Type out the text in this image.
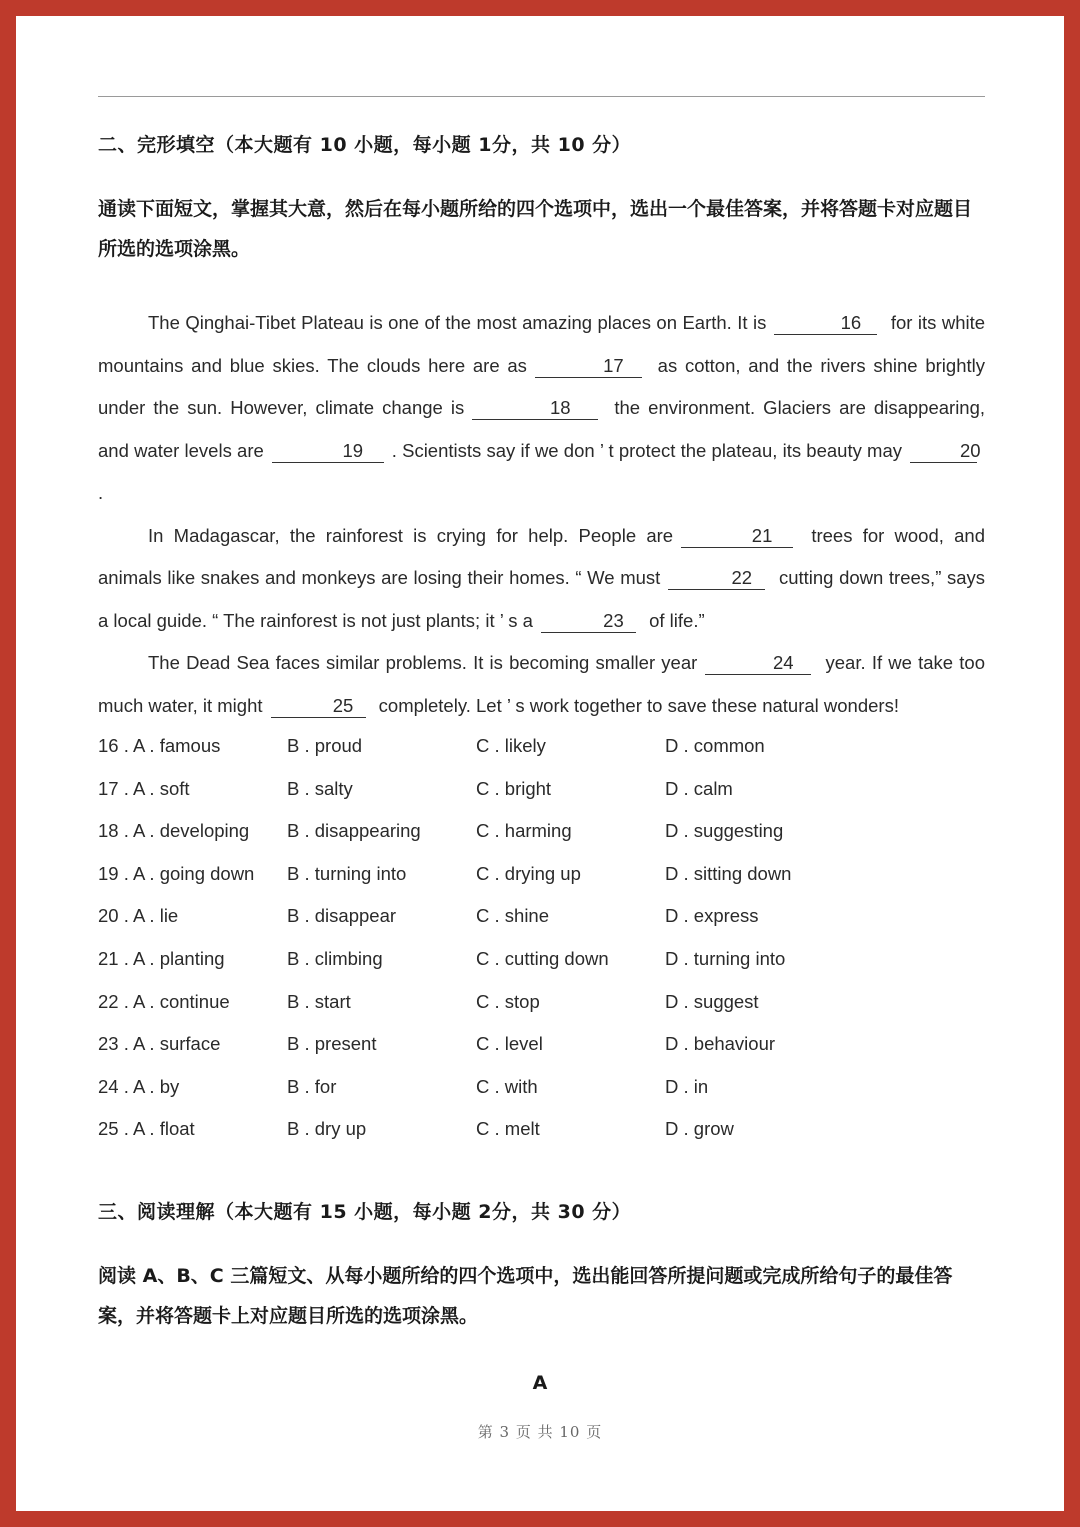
二、完形填空（本大题有 10 小题，每小题 1分，共 10 分）
通读下面短文，掌握其大意，然后在每小题所给的四个选项中，选出一个最佳答案，并将答题卡对应题目所选的选项涂黑。

The Qinghai-Tibet Plateau is one of the most amazing places on Earth. It is	16 for its white mountains and blue skies. The clouds here are as	17 as cotton, and the rivers shine brightly under the sun. However, climate change is	18 the environment. Glaciers are disappearing, and water levels are	19 . Scientists say if we don ’ t protect the plateau, its beauty may	20.

In Madagascar, the rainforest is crying for help. People are	21 trees for wood, and animals like snakes and monkeys are losing their homes. “ We must	22 cutting down trees,” says a local guide. “ The rainforest is not just plants; it ’ s a	23 of life.”

The Dead Sea faces similar problems. It is becoming smaller year	24 year. If we take too much water, it might	25 completely. Let ’ s work together to save these natural wonders!

16 . A . famous	B . proud	C . likely	D . common
17 . A . soft	B . salty	C . bright	D . calm
18 . A . developing B . disappearing	C . harming	D . suggesting
19 . A . going down B . turning into	C . drying up	D . sitting down
20 . A . lie	B . disappear	C . shine	D . express
21 . A . planting	B . climbing	C . cutting down	D . turning into
22 . A . continue	B . start	C . stop	D . suggest
23 . A . surface	B . present	C . level	D . behaviour
24 . A . by	B . for	C . with	D . in
25 . A . float	B . dry up	C . melt	D . grow
三、阅读理解（本大题有 15 小题，每小题 2分，共 30 分）
阅读 A、B、C 三篇短文、从每小题所给的四个选项中，选出能回答所提问题或完成所给句子的最佳答案，并将答题卡上对应题目所选的选项涂黑。
A
第 3 页 共 10 页
